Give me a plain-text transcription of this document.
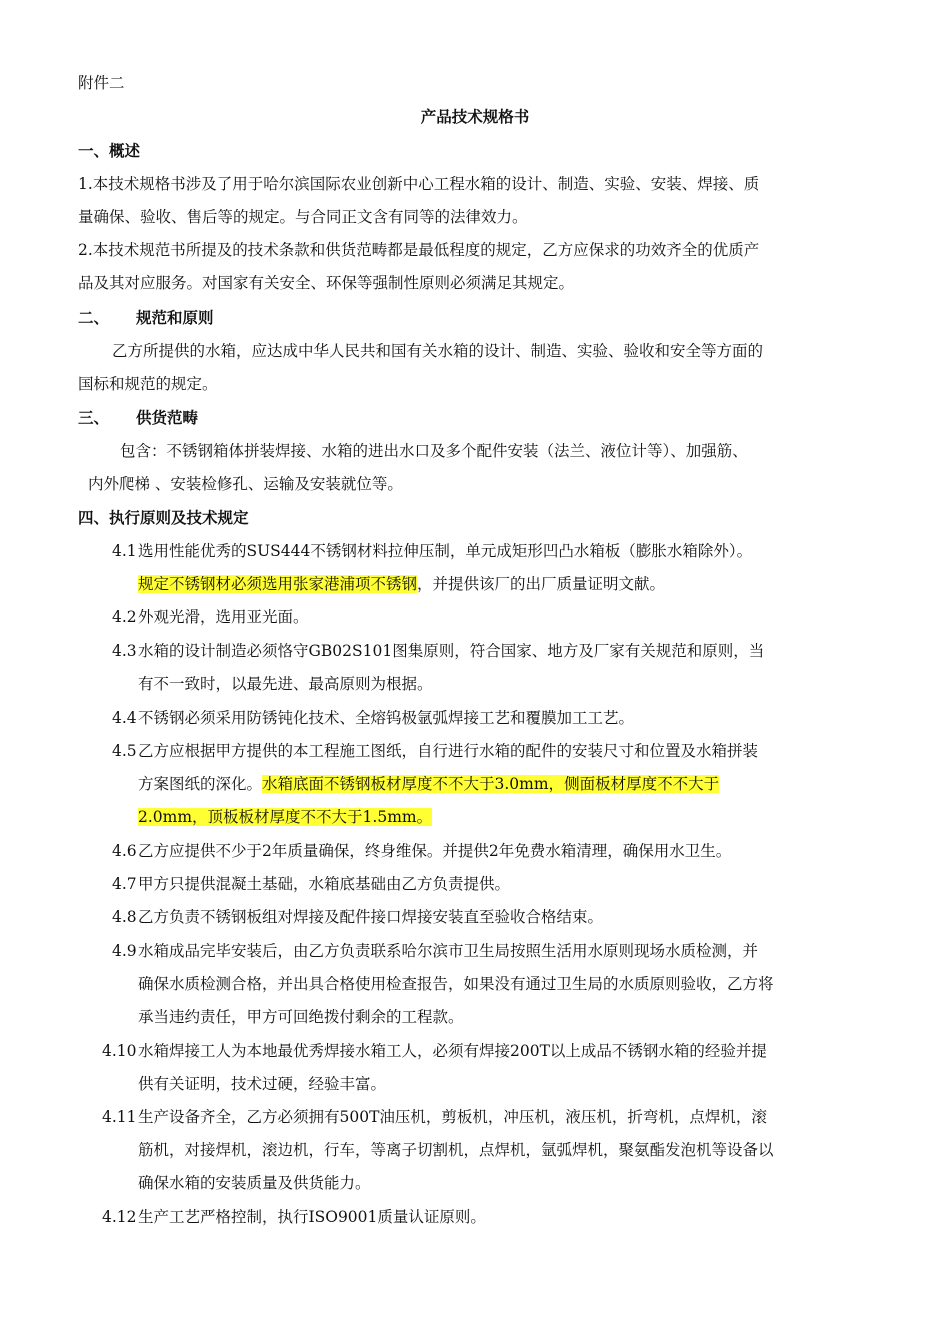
附件二
产品技术规格书
一、概述
1.本技术规格书涉及了用于哈尔滨国际农业创新中心工程水箱的设计、制造、实验、安装、焊接、质
量确保、验收、售后等的规定。与合同正文含有同等的法律效力。
2.本技术规范书所提及的技术条款和供货范畴都是最低程度的规定，乙方应保求的功效齐全的优质产
品及其对应服务。对国家有关安全、环保等强制性原则必须满足其规定。
二、 规范和原则
乙方所提供的水箱，应达成中华人民共和国有关水箱的设计、制造、实验、验收和安全等方面的
国标和规范的规定。
三、 供货范畴
包含：不锈钢箱体拼装焊接、水箱的进出水口及多个配件安装（法兰、液位计等）、加强筋、
内外爬梯 、安装检修孔、运输及安装就位等。
四、执行原则及技术规定
4.1 选用性能优秀的SUS444不锈钢材料拉伸压制，单元成矩形凹凸水箱板（膨胀水箱除外）。
规定不锈钢材必须选用张家港浦项不锈钢，并提供该厂的出厂质量证明文献。
4.2 外观光滑，选用亚光面。
4.3 水箱的设计制造必须恪守GB02S101图集原则，符合国家、地方及厂家有关规范和原则，当
有不一致时，以最先进、最高原则为根据。
4.4 不锈钢必须采用防锈钝化技术、全熔钨极氩弧焊接工艺和覆膜加工工艺。
4.5 乙方应根据甲方提供的本工程施工图纸，自行进行水箱的配件的安装尺寸和位置及水箱拼装
方案图纸的深化。水箱底面不锈钢板材厚度不不大于3.0mm，侧面板材厚度不不大于
2.0mm，顶板板材厚度不不大于1.5mm。
4.6 乙方应提供不少于2年质量确保，终身维保。并提供2年免费水箱清理，确保用水卫生。
4.7 甲方只提供混凝土基础，水箱底基础由乙方负责提供。
4.8 乙方负责不锈钢板组对焊接及配件接口焊接安装直至验收合格结束。
4.9 水箱成品完毕安装后，由乙方负责联系哈尔滨市卫生局按照生活用水原则现场水质检测，并
确保水质检测合格，并出具合格使用检查报告，如果没有通过卫生局的水质原则验收，乙方将
承当违约责任，甲方可回绝拨付剩余的工程款。
4.10 水箱焊接工人为本地最优秀焊接水箱工人，必须有焊接200T以上成品不锈钢水箱的经验并提
供有关证明，技术过硬，经验丰富。
4.11 生产设备齐全，乙方必须拥有500T油压机，剪板机，冲压机，液压机，折弯机，点焊机，滚
筋机，对接焊机，滚边机，行车，等离子切割机，点焊机，氩弧焊机，聚氨酯发泡机等设备以
确保水箱的安装质量及供货能力。
4.12 生产工艺严格控制，执行ISO9001质量认证原则。
